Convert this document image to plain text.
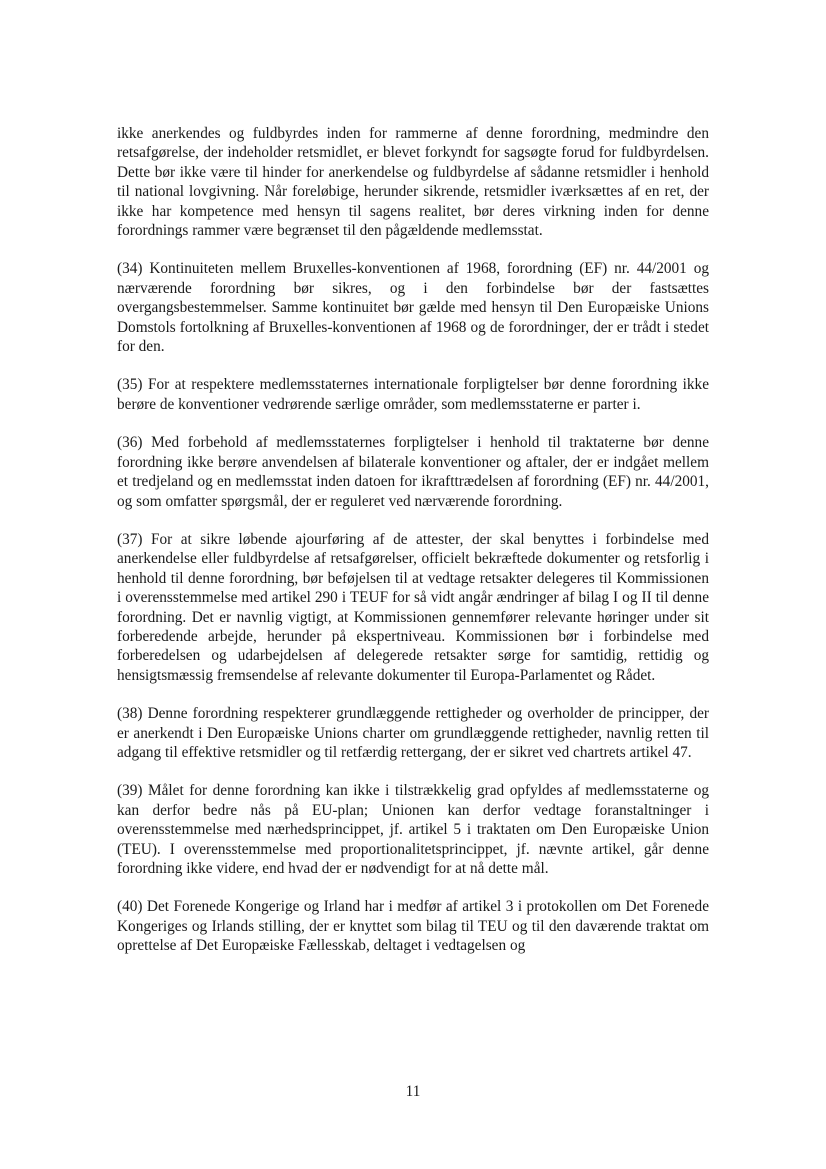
ikke anerkendes og fuldbyrdes inden for rammerne af denne forordning, medmindre den retsafgørelse, der indeholder retsmidlet, er blevet forkyndt for sagsøgte forud for fuldbyrdelsen. Dette bør ikke være til hinder for anerkendelse og fuldbyrdelse af sådanne retsmidler i henhold til national lovgivning. Når foreløbige, herunder sikrende, retsmidler iværksættes af en ret, der ikke har kompetence med hensyn til sagens realitet, bør deres virkning inden for denne forordnings rammer være begrænset til den pågældende medlemsstat.

(34) Kontinuiteten mellem Bruxelles-konventionen af 1968, forordning (EF) nr. 44/2001 og nærværende forordning bør sikres, og i den forbindelse bør der fastsættes overgangsbestemmelser. Samme kontinuitet bør gælde med hensyn til Den Europæiske Unions Domstols fortolkning af Bruxelles-konventionen af 1968 og de forordninger, der er trådt i stedet for den.

(35) For at respektere medlemsstaternes internationale forpligtelser bør denne forordning ikke berøre de konventioner vedrørende særlige områder, som medlemsstaterne er parter i.

(36) Med forbehold af medlemsstaternes forpligtelser i henhold til traktaterne bør denne forordning ikke berøre anvendelsen af bilaterale konventioner og aftaler, der er indgået mellem et tredjeland og en medlemsstat inden datoen for ikrafttrædelsen af forordning (EF) nr. 44/2001, og som omfatter spørgsmål, der er reguleret ved nærværende forordning.

(37) For at sikre løbende ajourføring af de attester, der skal benyttes i forbindelse med anerkendelse eller fuldbyrdelse af retsafgørelser, officielt bekræftede dokumenter og retsforlig i henhold til denne forordning, bør beføjelsen til at vedtage retsakter delegeres til Kommissionen i overensstemmelse med artikel 290 i TEUF for så vidt angår ændringer af bilag I og II til denne forordning. Det er navnlig vigtigt, at Kommissionen gennemfører relevante høringer under sit forberedende arbejde, herunder på ekspertniveau. Kommissionen bør i forbindelse med forberedelsen og udarbejdelsen af delegerede retsakter sørge for samtidig, rettidig og hensigtsmæssig fremsendelse af relevante dokumenter til Europa-Parlamentet og Rådet.

(38) Denne forordning respekterer grundlæggende rettigheder og overholder de principper, der er anerkendt i Den Europæiske Unions charter om grundlæggende rettigheder, navnlig retten til adgang til effektive retsmidler og til retfærdig rettergang, der er sikret ved chartrets artikel 47.

(39) Målet for denne forordning kan ikke i tilstrækkelig grad opfyldes af medlemsstaterne og kan derfor bedre nås på EU-plan; Unionen kan derfor vedtage foranstaltninger i overensstemmelse med nærhedsprincippet, jf. artikel 5 i traktaten om Den Europæiske Union (TEU). I overensstemmelse med proportionalitetsprincippet, jf. nævnte artikel, går denne forordning ikke videre, end hvad der er nødvendigt for at nå dette mål.

(40) Det Forenede Kongerige og Irland har i medfør af artikel 3 i protokollen om Det Forenede Kongeriges og Irlands stilling, der er knyttet som bilag til TEU og til den daværende traktat om oprettelse af Det Europæiske Fællesskab, deltaget i vedtagelsen og

11
